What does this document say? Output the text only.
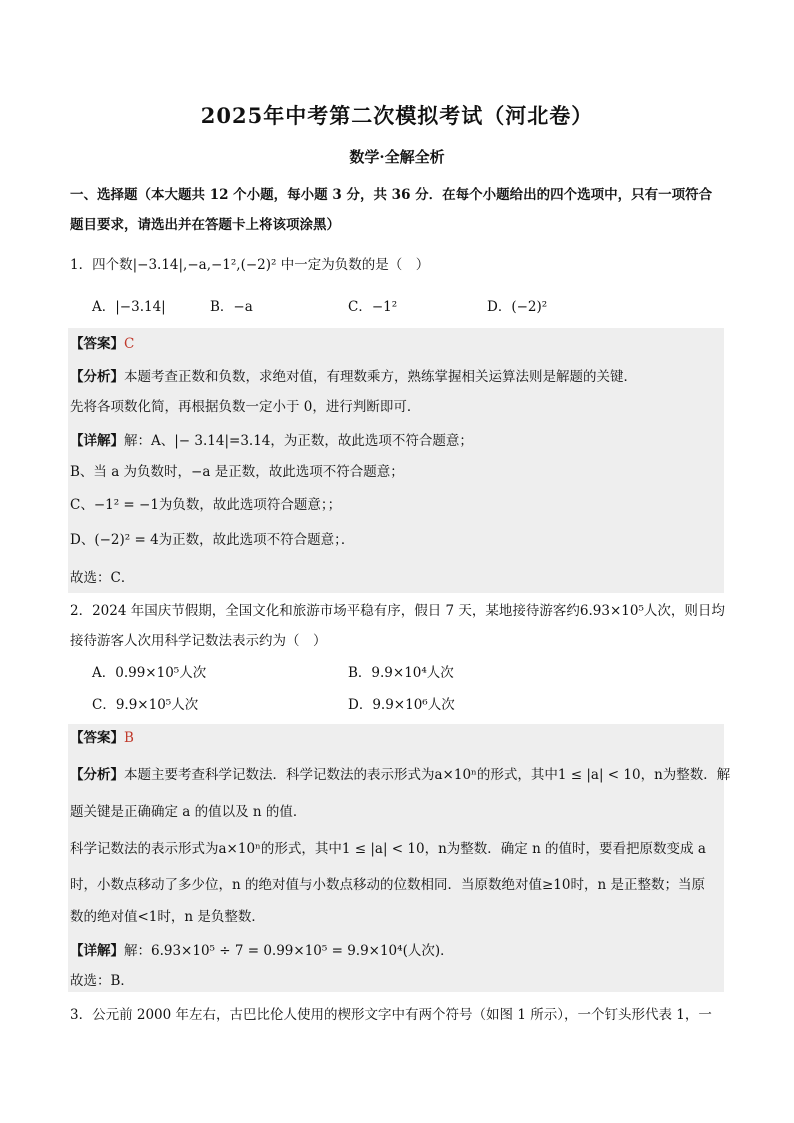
2025年中考第二次模拟考试（河北卷）
数学·全解全析
一、选择题（本大题共 12 个小题，每小题 3 分，共 36 分．在每个小题给出的四个选项中，只有一项符合
题目要求，请选出并在答题卡上将该项涂黑）
1．四个数|−3.14|,−a,−1²,(−2)² 中一定为负数的是（　）
A．|−3.14|	B．−a	C．−1²	D．(−2)²
【答案】C
【分析】本题考查正数和负数，求绝对值，有理数乘方，熟练掌握相关运算法则是解题的关键．
先将各项数化简，再根据负数一定小于 0，进行判断即可．
【详解】解：A、|− 3.14|=3.14，为正数，故此选项不符合题意；
B、当 a 为负数时，−a 是正数，故此选项不符合题意；
C、−1² = −1为负数，故此选项符合题意；；
D、(−2)² = 4为正数，故此选项不符合题意；．
故选：C．
2．2024 年国庆节假期，全国文化和旅游市场平稳有序，假日 7 天，某地接待游客约6.93×10⁵人次，则日均
接待游客人次用科学记数法表示约为（　）
A．0.99×10⁵人次	B．9.9×10⁴人次
C．9.9×10⁵人次	D．9.9×10⁶人次
【答案】B
【分析】本题主要考查科学记数法．科学记数法的表示形式为a×10ⁿ的形式，其中1 ≤ |a| < 10，n为整数．解
题关键是正确确定 a 的值以及 n 的值．
科学记数法的表示形式为a×10ⁿ的形式，其中1 ≤ |a| < 10，n为整数．确定 n 的值时，要看把原数变成 a
时，小数点移动了多少位，n 的绝对值与小数点移动的位数相同．当原数绝对值≥10时，n 是正整数；当原
数的绝对值<1时，n 是负整数．
【详解】解：6.93×10⁵ ÷ 7 = 0.99×10⁵ = 9.9×10⁴(人次)．
故选：B．
3．公元前 2000 年左右，古巴比伦人使用的楔形文字中有两个符号（如图 1 所示），一个钉头形代表 1，一
